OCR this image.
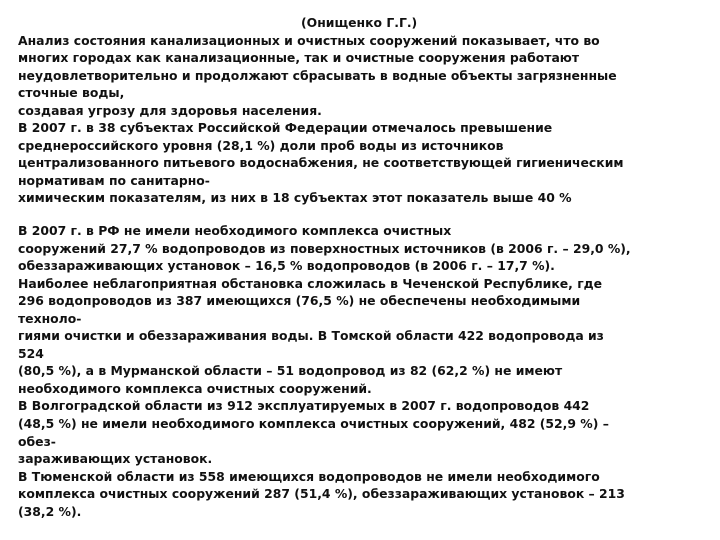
(Онищенко Г.Г.)
Анализ состояния канализационных и очистных сооружений показывает, что во
многих городах как канализационные, так и очистные сооружения работают
неудовлетворительно и продолжают сбрасывать в водные объекты загрязненные
сточные воды,
создавая угрозу для здоровья населения.
В 2007 г. в 38 субъектах Российской Федерации отмечалось превышение
среднероссийского уровня (28,1 %) доли проб воды из источников
централизованного питьевого водоснабжения, не соответствующей гигиеническим
нормативам по санитарно-
химическим показателям, из них в 18 субъектах этот показатель выше 40 %
В 2007 г. в РФ не имели необходимого комплекса очистных
сооружений 27,7 % водопроводов из поверхностных источников (в 2006 г. – 29,0 %),
обеззараживающих установок – 16,5 % водопроводов (в 2006 г. – 17,7 %).
Наиболее неблагоприятная обстановка сложилась в Чеченской Республике, где
296 водопроводов из 387 имеющихся (76,5 %) не обеспечены необходимыми
техноло-
гиями очистки и обеззараживания воды. В Томской области 422 водопровода из
524
(80,5 %), а в Мурманской области – 51 водопровод из 82 (62,2 %) не имеют
необходимого комплекса очистных сооружений.
В Волгоградской области из 912 эксплуатируемых в 2007 г. водопроводов 442
(48,5 %) не имели необходимого комплекса очистных сооружений, 482 (52,9 %) –
обез-
зараживающих установок.
В Тюменской области из 558 имеющихся водопроводов не имели необходимого
комплекса очистных сооружений 287 (51,4 %), обеззараживающих установок – 213
(38,2 %).
